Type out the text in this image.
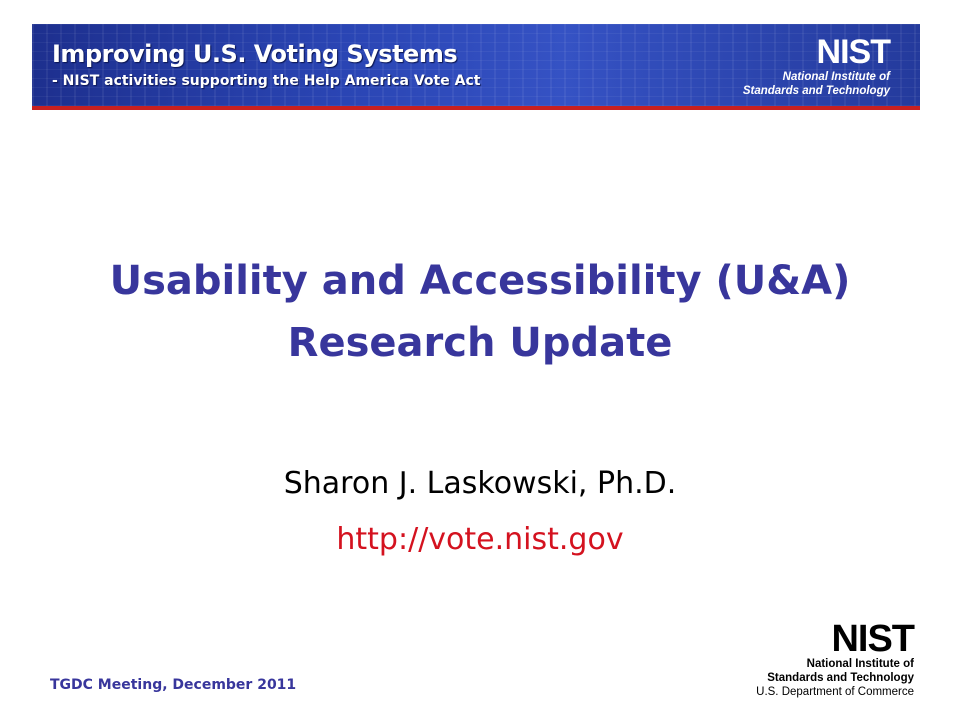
Improving U.S. Voting Systems
- NIST activities supporting the Help America Vote Act
NIST
National Institute of
Standards and Technology
Usability and Accessibility (U&A)
Research Update
Sharon J. Laskowski, Ph.D.
http://vote.nist.gov
TGDC Meeting, December 2011
NIST
National Institute of
Standards and Technology
U.S. Department of Commerce
